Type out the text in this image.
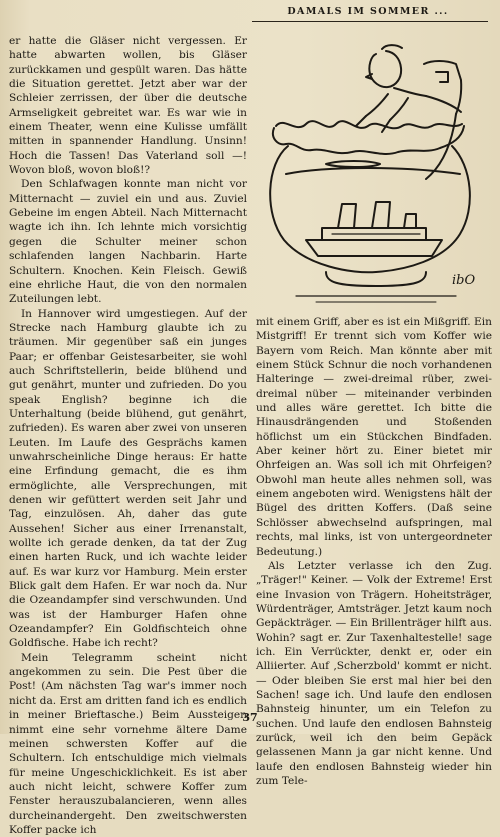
DAMALS IM SOMMER ...

er hatte die Gläser nicht vergessen. Er hatte abwarten wollen, bis Gläser zurückkamen und gespült waren. Das hätte die Situation gerettet. Jetzt aber war der Schleier zerrissen, der über die deutsche Armseligkeit gebreitet war. Es war wie in einem Theater, wenn eine Kulisse umfällt mitten in spannender Handlung. Unsinn! Hoch die Tassen! Das Vaterland soll —! Wovon bloß, wovon bloß!?

Den Schlafwagen konnte man nicht vor Mitternacht — zuviel ein und aus. Zuviel Gebeine im engen Abteil. Nach Mitternacht wagte ich ihn. Ich lehnte mich vorsichtig gegen die Schulter meiner schon schlafenden langen Nachbarin. Harte Schultern. Knochen. Kein Fleisch. Gewiß eine ehrliche Haut, die von den normalen Zuteilungen lebt.

In Hannover wird umgestiegen. Auf der Strecke nach Hamburg glaubte ich zu träumen. Mir gegenüber saß ein junges Paar; er offenbar Geistesarbeiter, sie wohl auch Schriftstellerin, beide blühend und gut genährt, munter und zufrieden. Do you speak English? beginne ich die Unterhaltung (beide blühend, gut genährt, zufrieden). Es waren aber zwei von unseren Leuten. Im Laufe des Gesprächs kamen unwahrscheinliche Dinge heraus: Er hatte eine Erfindung gemacht, die es ihm ermöglichte, alle Versprechungen, mit denen wir gefüttert werden seit Jahr und Tag, einzulösen. Ah, daher das gute Aussehen! Sicher aus einer Irrenanstalt, wollte ich gerade denken, da tat der Zug einen harten Ruck, und ich wachte leider auf. Es war kurz vor Hamburg. Mein erster Blick galt dem Hafen. Er war noch da. Nur die Ozeandampfer sind verschwunden. Und was ist der Hamburger Hafen ohne Ozeandampfer? Ein Goldfischteich ohne Goldfische. Habe ich recht?

Mein Telegramm scheint nicht angekommen zu sein. Die Pest über die Post! (Am nächsten Tag war's immer noch nicht da. Erst am dritten fand ich es endlich in meiner Brieftasche.) Beim Aussteigen nimmt eine sehr vornehme ältere Dame meinen schwersten Koffer auf die Schultern. Ich entschuldige mich vielmals für meine Ungeschicklichkeit. Es ist aber auch nicht leicht, schwere Koffer zum Fenster herauszubalancieren, wenn alles durcheinandergeht. Den zweitschwersten Koffer packe ich

ibO

mit einem Griff, aber es ist ein Mißgriff. Ein Mistgriff! Er trennt sich vom Koffer wie Bayern vom Reich. Man könnte aber mit einem Stück Schnur die noch vorhandenen Halteringe — zwei-dreimal rüber, zwei-dreimal nüber — miteinander verbinden und alles wäre gerettet. Ich bitte die Hinausdrängenden und Stoßenden höflichst um ein Stückchen Bindfaden. Aber keiner hört zu. Einer bietet mir Ohrfeigen an. Was soll ich mit Ohrfeigen? Obwohl man heute alles nehmen soll, was einem angeboten wird. Wenigstens hält der Bügel des dritten Koffers. (Daß seine Schlösser abwechselnd aufspringen, mal rechts, mal links, ist von untergeordneter Bedeutung.)

Als Letzter verlasse ich den Zug. „Träger!" Keiner. — Volk der Extreme! Erst eine Invasion von Trägern. Hoheitsträger, Würdenträger, Amtsträger. Jetzt kaum noch Gepäckträger. — Ein Brillenträger hilft aus. Wohin? sagt er. Zur Taxenhaltestelle! sage ich. Ein Verrückter, denkt er, oder ein Alliierter. Auf ‚Scherzbold' kommt er nicht. — Oder bleiben Sie erst mal hier bei den Sachen! sage ich. Und laufe den endlosen Bahnsteig hinunter, um ein Telefon zu suchen. Und laufe den endlosen Bahnsteig zurück, weil ich den beim Gepäck gelassenen Mann ja gar nicht kenne. Und laufe den endlosen Bahnsteig wieder hin zum Tele-

37
